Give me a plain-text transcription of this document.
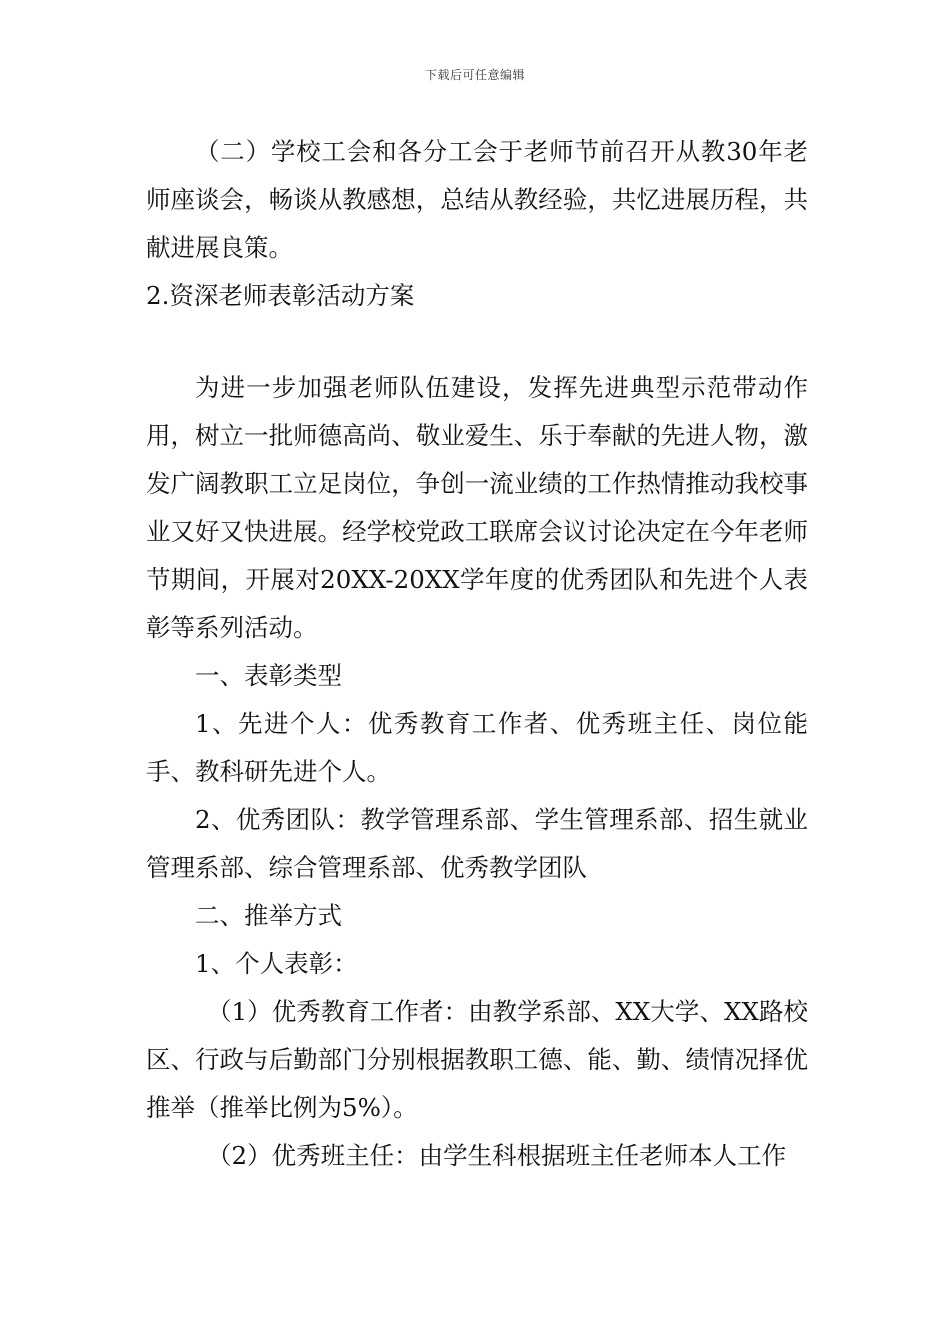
下载后可任意编辑

（二）学校工会和各分工会于老师节前召开从教30年老师座谈会，畅谈从教感想，总结从教经验，共忆进展历程，共献进展良策。

2.资深老师表彰活动方案

为进一步加强老师队伍建设，发挥先进典型示范带动作用，树立一批师德高尚、敬业爱生、乐于奉献的先进人物，激发广阔教职工立足岗位，争创一流业绩的工作热情推动我校事业又好又快进展。经学校党政工联席会议讨论决定在今年老师节期间，开展对20XX-20XX学年度的优秀团队和先进个人表彰等系列活动。

一、表彰类型

1、先进个人：优秀教育工作者、优秀班主任、岗位能手、教科研先进个人。

2、优秀团队：教学管理系部、学生管理系部、招生就业管理系部、综合管理系部、优秀教学团队

二、推举方式

1、个人表彰：

（1）优秀教育工作者：由教学系部、XX大学、XX路校区、行政与后勤部门分别根据教职工德、能、勤、绩情况择优推举（推举比例为5%）。

（2）优秀班主任：由学生科根据班主任老师本人工作
